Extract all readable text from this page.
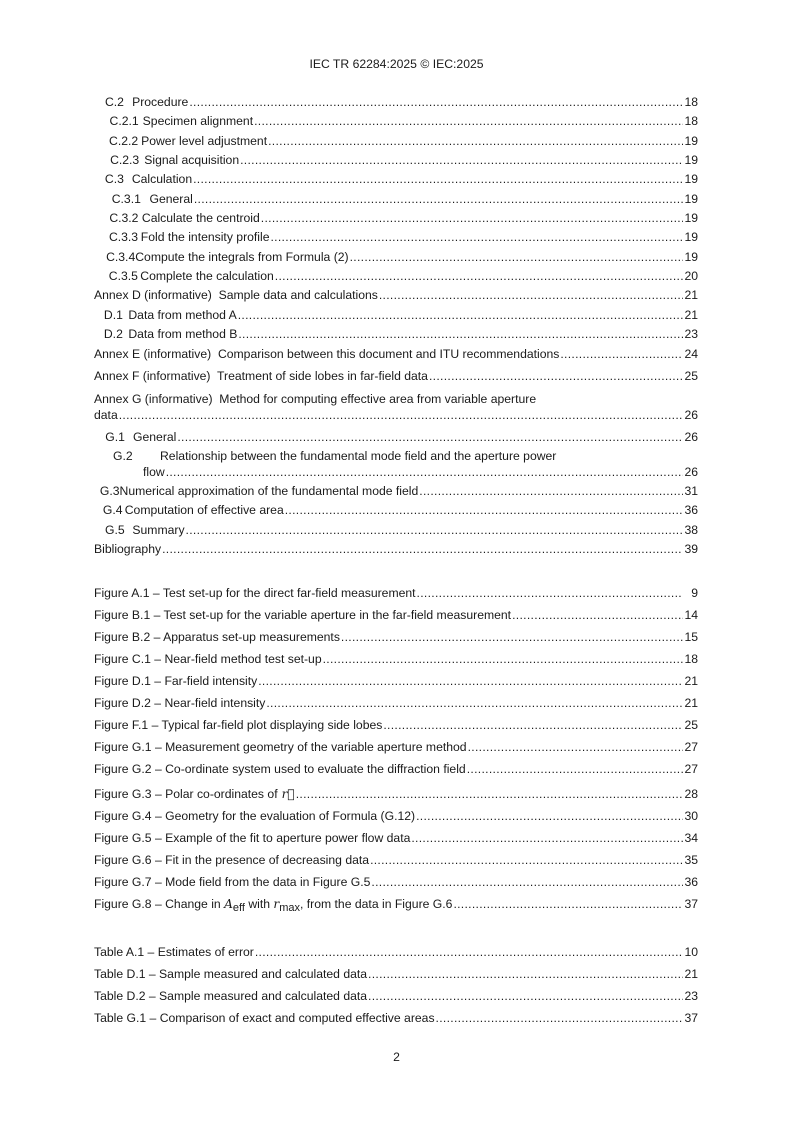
IEC TR 62284:2025 © IEC:2025
C.2 Procedure .....	18
C.2.1 Specimen alignment .....	18
C.2.2 Power level adjustment .....	19
C.2.3 Signal acquisition .....	19
C.3 Calculation .....	19
C.3.1 General .....	19
C.3.2 Calculate the centroid .....	19
C.3.3 Fold the intensity profile .....	19
C.3.4 Compute the integrals from Formula (2) .....	19
C.3.5 Complete the calculation .....	20
Annex D (informative)  Sample data and calculations .....	21
D.1 Data from method A .....	21
D.2 Data from method B .....	23
Annex E (informative)  Comparison between this document and ITU recommendations .....	24
Annex F (informative)  Treatment of side lobes in far-field data .....	25
Annex G (informative)  Method for computing effective area from variable aperture
data .....	26
G.1 General .....	26
G.2	Relationship between the fundamental mode field and the aperture power
flow .....	26
G.3 Numerical approximation of the fundamental mode field .....	31
G.4 Computation of effective area .....	36
G.5 Summary .....	38
Bibliography .....	39
Figure A.1 – Test set-up for the direct far-field measurement .....	9
Figure B.1 – Test set-up for the variable aperture in the far-field measurement .....	14
Figure B.2 – Apparatus set-up measurements .....	15
Figure C.1 – Near-field method test set-up .....	18
Figure D.1 – Far-field intensity .....	21
Figure D.2 – Near-field intensity .....	21
Figure F.1 – Typical far-field plot displaying side lobes .....	25
Figure G.1 – Measurement geometry of the variable aperture method .....	27
Figure G.2 – Co-ordinate system used to evaluate the diffraction field .....	27
Figure G.3 – Polar co-ordinates of r⃗ .....	28
Figure G.4 – Geometry for the evaluation of Formula (G.12) .....	30
Figure G.5 – Example of the fit to aperture power flow data .....	34
Figure G.6 – Fit in the presence of decreasing data .....	35
Figure G.7 – Mode field from the data in Figure G.5 .....	36
Figure G.8 – Change in $A_{eff}$ with $r_{max}$, from the data in Figure G.6 .....	37
Table A.1 – Estimates of error .....	10
Table D.1 – Sample measured and calculated data .....	21
Table D.2 – Sample measured and calculated data .....	23
Table G.1 – Comparison of exact and computed effective areas .....	37
2
